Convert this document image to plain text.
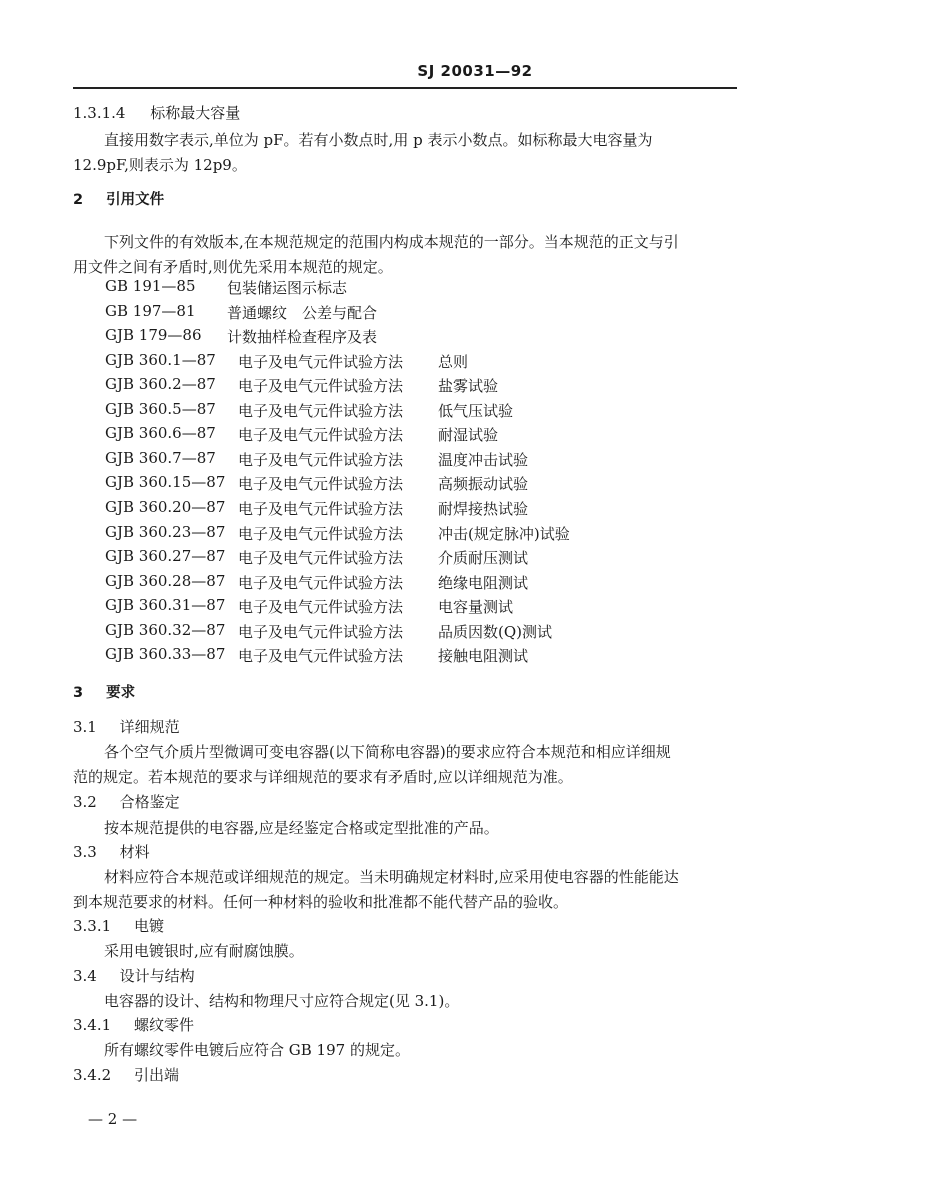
SJ 20031—92
1.3.1.4 标称最大容量
直接用数字表示,单位为 pF。若有小数点时,用 p 表示小数点。如标称最大电容量为
12.9pF,则表示为 12p9。
2 引用文件
下列文件的有效版本,在本规范规定的范围内构成本规范的一部分。当本规范的正文与引
用文件之间有矛盾时,则优先采用本规范的规定。
GB 191—85 包装储运图示标志
GB 197—81 普通螺纹　公差与配合
GJB 179—86 计数抽样检查程序及表
GJB 360.1—87 电子及电气元件试验方法 总则
GJB 360.2—87 电子及电气元件试验方法 盐雾试验
GJB 360.5—87 电子及电气元件试验方法 低气压试验
GJB 360.6—87 电子及电气元件试验方法 耐湿试验
GJB 360.7—87 电子及电气元件试验方法 温度冲击试验
GJB 360.15—87 电子及电气元件试验方法 高频振动试验
GJB 360.20—87 电子及电气元件试验方法 耐焊接热试验
GJB 360.23—87 电子及电气元件试验方法 冲击(规定脉冲)试验
GJB 360.27—87 电子及电气元件试验方法 介质耐压测试
GJB 360.28—87 电子及电气元件试验方法 绝缘电阻测试
GJB 360.31—87 电子及电气元件试验方法 电容量测试
GJB 360.32—87 电子及电气元件试验方法 品质因数(Q)测试
GJB 360.33—87 电子及电气元件试验方法 接触电阻测试
3 要求
3.1 详细规范
各个空气介质片型微调可变电容器(以下简称电容器)的要求应符合本规范和相应详细规
范的规定。若本规范的要求与详细规范的要求有矛盾时,应以详细规范为准。
3.2 合格鉴定
按本规范提供的电容器,应是经鉴定合格或定型批准的产品。
3.3 材料
材料应符合本规范或详细规范的规定。当未明确规定材料时,应采用使电容器的性能能达
到本规范要求的材料。任何一种材料的验收和批准都不能代替产品的验收。
3.3.1 电镀
采用电镀银时,应有耐腐蚀膜。
3.4 设计与结构
电容器的设计、结构和物理尺寸应符合规定(见 3.1)。
3.4.1 螺纹零件
所有螺纹零件电镀后应符合 GB 197 的规定。
3.4.2 引出端
— 2 —
